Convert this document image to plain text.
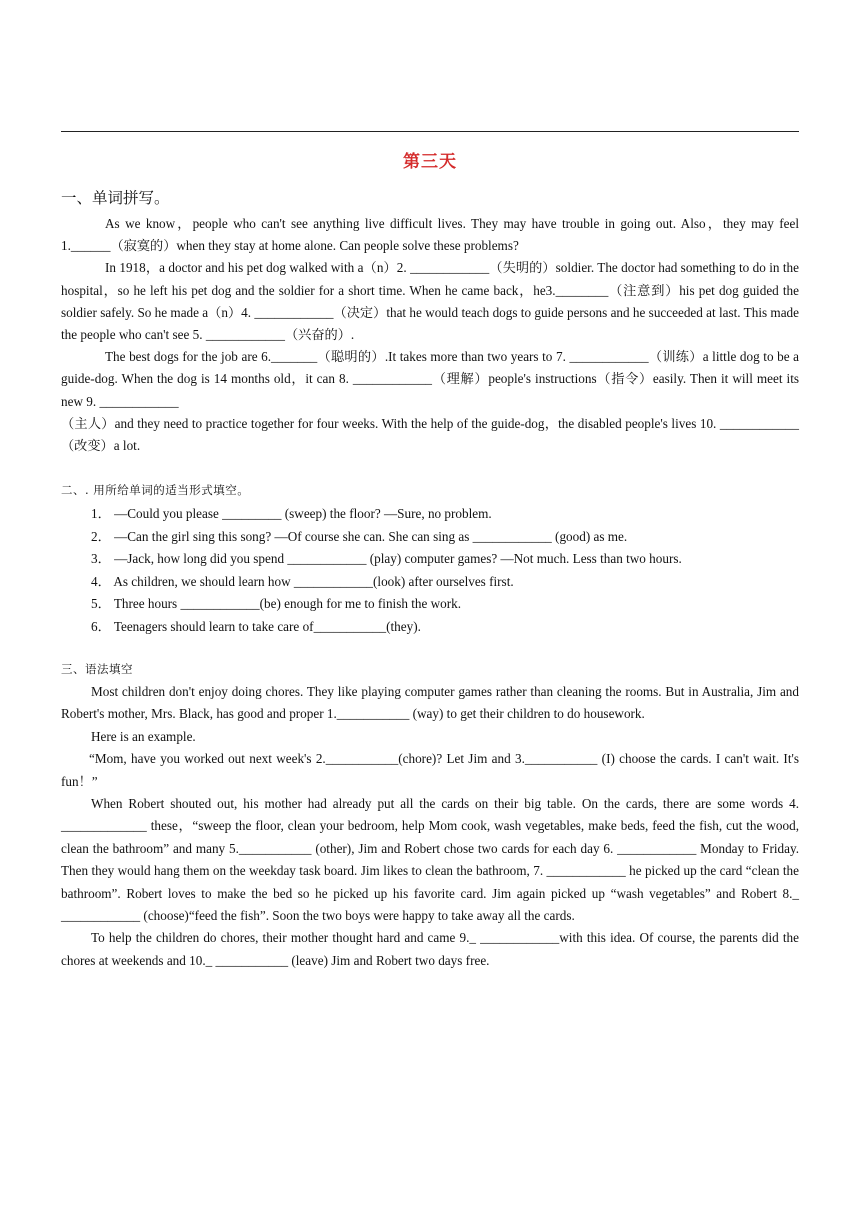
第三天
一、单词拼写。

As we know，people who can't see anything live difficult lives. They may have trouble in going out. Also，they may feel 1.______（寂寞的）when they stay at home alone. Can people solve these problems?

In 1918，a doctor and his pet dog walked with a（n）2. ____________（失明的）soldier. The doctor had something to do in the hospital，so he left his pet dog and the soldier for a short time. When he came back，he3.________（注意到）his pet dog guided the soldier safely. So he made a（n）4. ____________（决定）that he would teach dogs to guide persons and he succeeded at last. This made the people who can't see 5. ____________（兴奋的）.

The best dogs for the job are 6._______（聪明的）.It takes more than two years to 7. ____________（训练）a little dog to be a guide-dog. When the dog is 14 months old，it can 8. ____________（理解）people's instructions（指令）easily. Then it will meet its new 9. ____________

（主人）and they need to practice together for four weeks. With the help of the guide-dog，the disabled people's lives 10. ____________（改变）a lot.

二、. 用所给单词的适当形式填空。
1． —Could you please _________ (sweep) the floor? —Sure, no problem.
2． —Can the girl sing this song? —Of course she can. She can sing as ____________ (good) as me.
3． —Jack, how long did you spend ____________ (play) computer games? —Not much. Less than two hours.
4． As children, we should learn how ____________(look) after ourselves first.
5． Three hours ____________(be) enough for me to finish the work.
6． Teenagers should learn to take care of___________(they).
三、语法填空

Most children don't enjoy doing chores. They like playing computer games rather than cleaning the rooms. But in Australia, Jim and Robert's mother, Mrs. Black, has good and proper 1.___________ (way) to get their children to do housework.

Here is an example.

“Mom, have you worked out next week's 2.___________(chore)? Let Jim and 3.___________ (I) choose the cards. I can't wait. It's fun！”

When Robert shouted out, his mother had already put all the cards on their big table. On the cards, there are some words 4. _____________ these，“sweep the floor, clean your bedroom, help Mom cook, wash vegetables, make beds, feed the fish, cut the wood, clean the bathroom” and many 5.___________ (other), Jim and Robert chose two cards for each day 6. ____________ Monday to Friday. Then they would hang them on the weekday task board. Jim likes to clean the bathroom, 7. ____________ he picked up the card “clean the bathroom”. Robert loves to make the bed so he picked up his favorite card. Jim again picked up “wash vegetables” and Robert 8._ ____________ (choose)“feed the fish”. Soon the two boys were happy to take away all the cards.

To help the children do chores, their mother thought hard and came 9._ ____________with this idea. Of course, the parents did the chores at weekends and 10._ ___________ (leave) Jim and Robert two days free.
